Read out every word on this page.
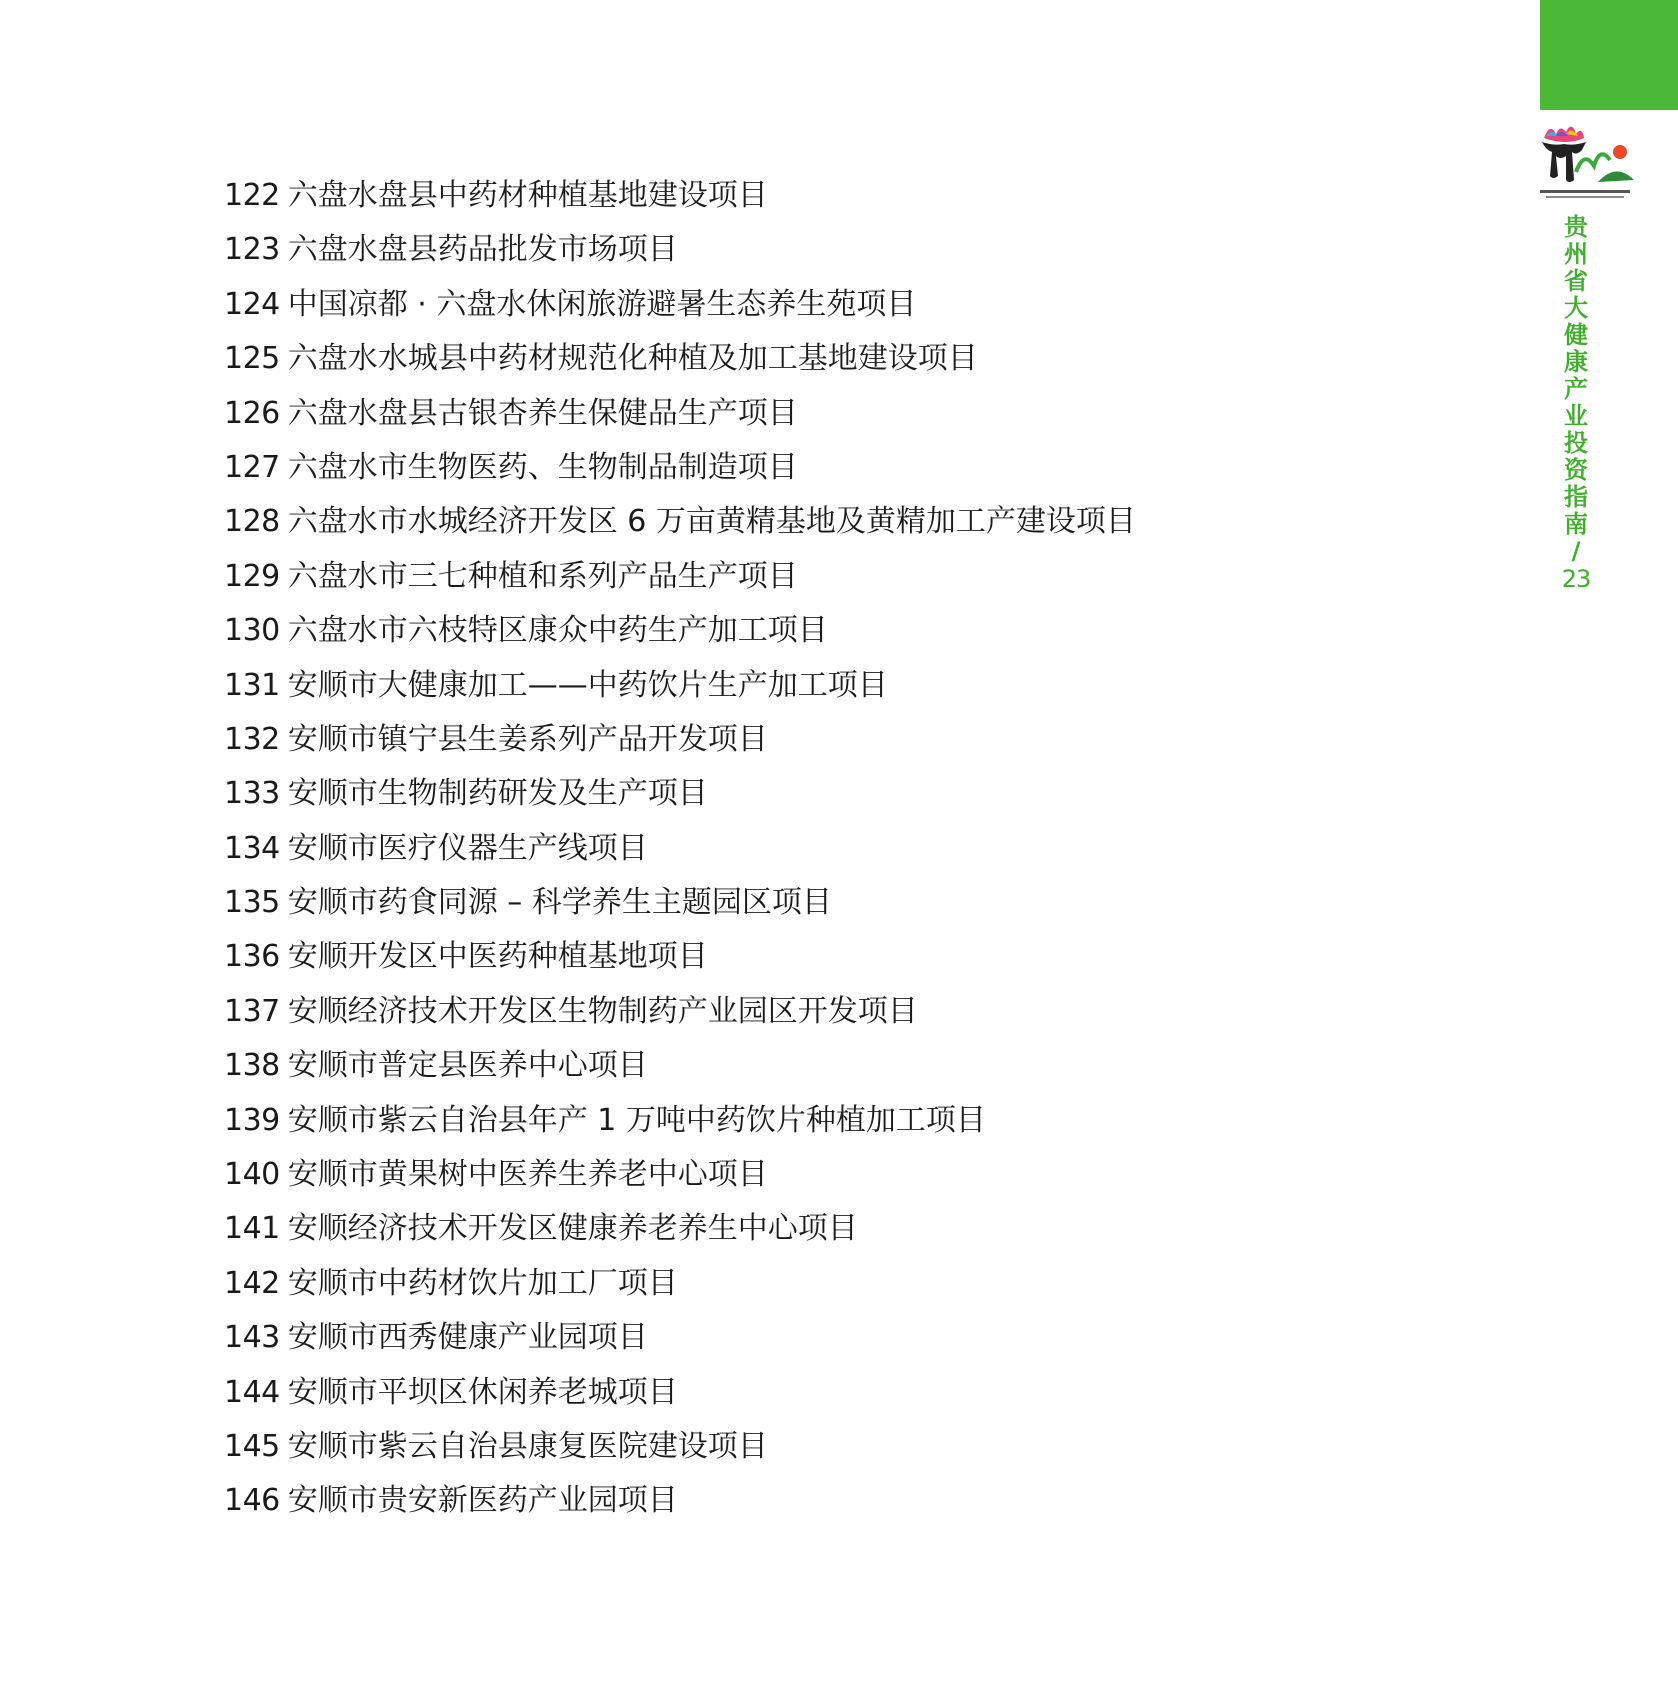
贵
州
省
大
健
康
产
业
投
资
指
南
/
23
122 六盘水盘县中药材种植基地建设项目
123 六盘水盘县药品批发市场项目
124 中国凉都 · 六盘水休闲旅游避暑生态养生苑项目
125 六盘水水城县中药材规范化种植及加工基地建设项目
126 六盘水盘县古银杏养生保健品生产项目
127 六盘水市生物医药、生物制品制造项目
128 六盘水市水城经济开发区 6 万亩黄精基地及黄精加工产建设项目
129 六盘水市三七种植和系列产品生产项目
130 六盘水市六枝特区康众中药生产加工项目
131 安顺市大健康加工——中药饮片生产加工项目
132 安顺市镇宁县生姜系列产品开发项目
133 安顺市生物制药研发及生产项目
134 安顺市医疗仪器生产线项目
135 安顺市药食同源 – 科学养生主题园区项目
136 安顺开发区中医药种植基地项目
137 安顺经济技术开发区生物制药产业园区开发项目
138 安顺市普定县医养中心项目
139 安顺市紫云自治县年产 1 万吨中药饮片种植加工项目
140 安顺市黄果树中医养生养老中心项目
141 安顺经济技术开发区健康养老养生中心项目
142 安顺市中药材饮片加工厂项目
143 安顺市西秀健康产业园项目
144 安顺市平坝区休闲养老城项目
145 安顺市紫云自治县康复医院建设项目
146 安顺市贵安新医药产业园项目
